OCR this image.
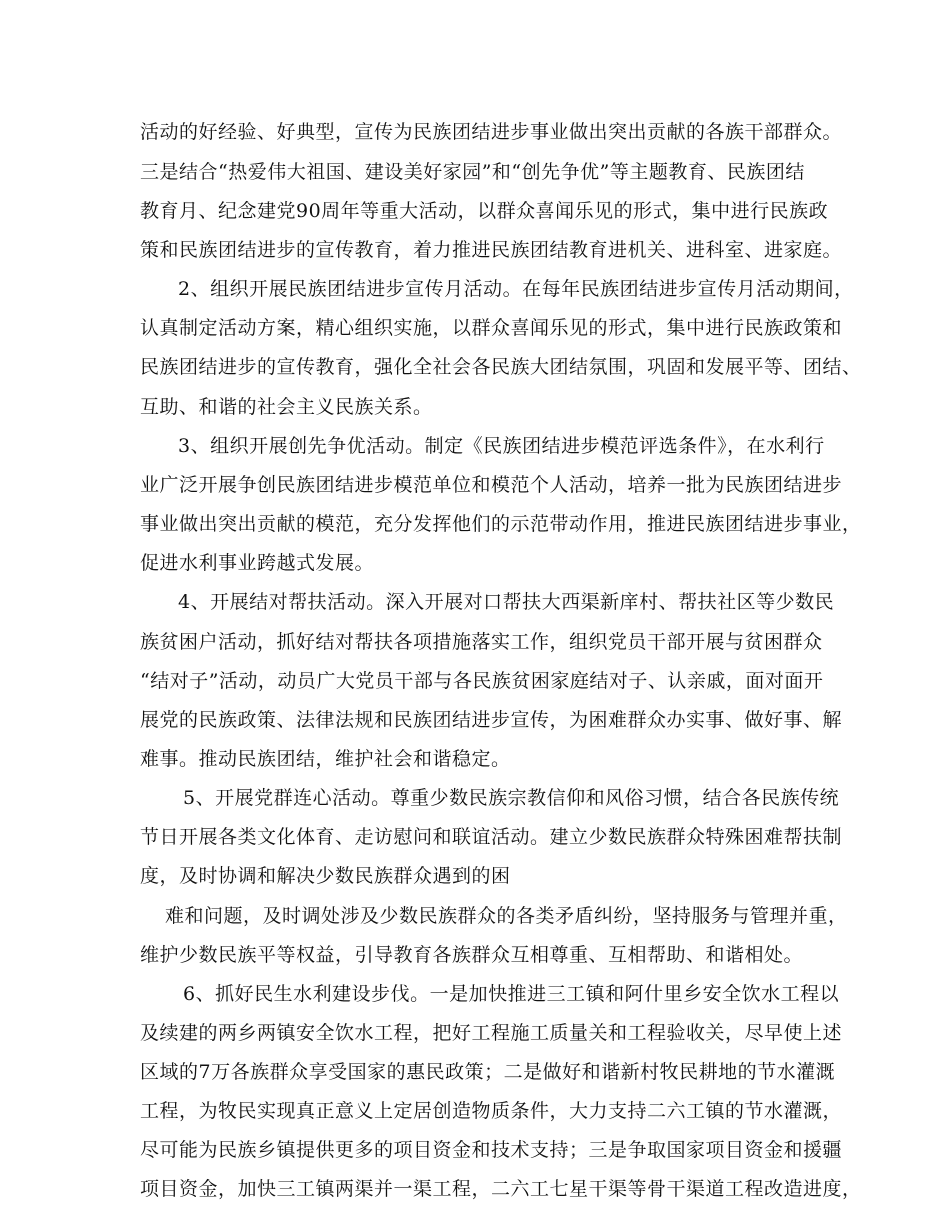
活动的好经验、好典型，宣传为民族团结进步事业做出突出贡献的各族干部群众。
三是结合“热爱伟大祖国、建设美好家园”和“创先争优”等主题教育、民族团结
教育月、纪念建党90周年等重大活动，以群众喜闻乐见的形式，集中进行民族政
策和民族团结进步的宣传教育，着力推进民族团结教育进机关、进科室、进家庭。
2、组织开展民族团结进步宣传月活动。在每年民族团结进步宣传月活动期间，
认真制定活动方案，精心组织实施，以群众喜闻乐见的形式，集中进行民族政策和
民族团结进步的宣传教育，强化全社会各民族大团结氛围，巩固和发展平等、团结、
互助、和谐的社会主义民族关系。
3、组织开展创先争优活动。制定《民族团结进步模范评选条件》，在水利行
业广泛开展争创民族团结进步模范单位和模范个人活动，培养一批为民族团结进步
事业做出突出贡献的模范，充分发挥他们的示范带动作用，推进民族团结进步事业，
促进水利事业跨越式发展。
4、开展结对帮扶活动。深入开展对口帮扶大西渠新庠村、帮扶社区等少数民
族贫困户活动，抓好结对帮扶各项措施落实工作，组织党员干部开展与贫困群众
“结对子”活动，动员广大党员干部与各民族贫困家庭结对子、认亲戚，面对面开
展党的民族政策、法律法规和民族团结进步宣传，为困难群众办实事、做好事、解
难事。推动民族团结，维护社会和谐稳定。
5、开展党群连心活动。尊重少数民族宗教信仰和风俗习惯，结合各民族传统
节日开展各类文化体育、走访慰问和联谊活动。建立少数民族群众特殊困难帮扶制
度，及时协调和解决少数民族群众遇到的困
难和问题，及时调处涉及少数民族群众的各类矛盾纠纷，坚持服务与管理并重，
维护少数民族平等权益，引导教育各族群众互相尊重、互相帮助、和谐相处。
6、抓好民生水利建设步伐。一是加快推进三工镇和阿什里乡安全饮水工程以
及续建的两乡两镇安全饮水工程，把好工程施工质量关和工程验收关，尽早使上述
区域的7万各族群众享受国家的惠民政策；二是做好和谐新村牧民耕地的节水灌溉
工程，为牧民实现真正意义上定居创造物质条件，大力支持二六工镇的节水灌溉，
尽可能为民族乡镇提供更多的项目资金和技术支持；三是争取国家项目资金和援疆
项目资金，加快三工镇两渠并一渠工程，二六工七星干渠等骨干渠道工程改造进度，
